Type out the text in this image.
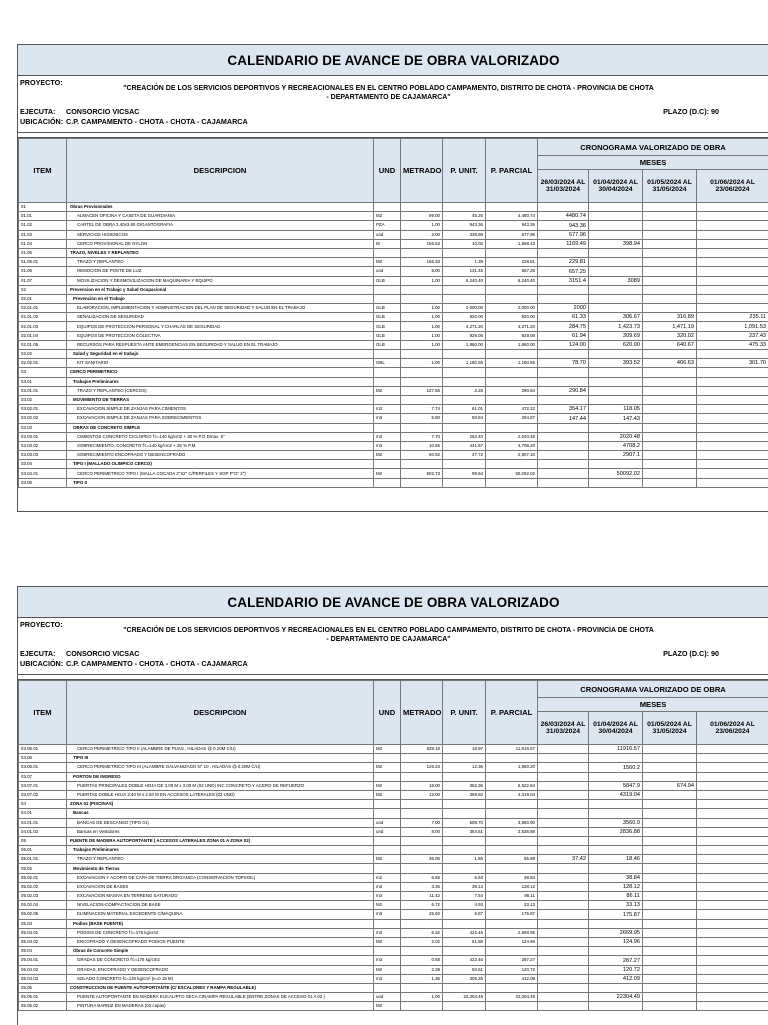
CALENDARIO DE AVANCE DE OBRA VALORIZADO
PROYECTO:
"CREACIÓN DE LOS SERVICIOS DEPORTIVOS Y RECREACIONALES EN EL CENTRO POBLADO CAMPAMENTO, DISTRITO DE CHOTA - PROVINCIA DE CHOTA
- DEPARTAMENTO DE CAJAMARCA"
EJECUTA: CONSORCIO VICSAC	PLAZO (D.C): 90
UBICACIÓN: C.P. CAMPAMENTO - CHOTA - CHOTA - CAJAMARCA
ITEM	DESCRIPCION	UND	METRADO	P. UNIT.	P. PARCIAL	CRONOGRAMA VALORIZADO DE OBRA			
						MESES			
						26/03/2024 AL 31/03/2024	01/04/2024 AL 30/04/2024	01/05/2024 AL 31/05/2024	01/06/2024 AL 23/06/2024
01	Obras Provisionales								
01.01	ALMACEN OFICINA Y CASETA DE GUARDIANIA	M2	99.00	45.26	4,480.74	4480.74			
01.02	CARTEL DE OBRA 2.40x3.60 GIGANTOGRAFIA	PZA	1.00	943.36	943.36	943.36			
01.03	SERVICIOS HIGIENICOS	und	2.00	338.98	677.96	677.96			
01.04	CERCO PROVISIONAL DE NYLON	M	156.53	10.02	1,568.43	1169.49	398.94		
01.05	TRAZO, NIVELES Y REPLANTEO								
01.05.01	TRAZO Y REPLANTEO	M2	165.33	1.39	229.81	229.81			
01.06	REMOCION DE POSTE DE LUZ	und	5.00	131.45	657.25	657.25			
01.07	MOVILIZACION Y DESMOVILIZACION DE MAQUINARIA Y EQUIPO	GLB	1.00	6,240.40	6,240.40	3151.4	3089		
02	Prevencion en el Trabajo y Salud Ocupacional								
02.01	Prevencion en el Trabajo								
02.01.01	ELABORACION, IMPLEMENTACION Y ADMINISTRACION DEL PLAN DE SEGURIDAD Y SALUD EN EL TRABAJO	GLB	1.00	2,000.00	2,000.00	2000			
02.01.02	SEÑALIZACION DE SEGURIDAD	GLB	1.00	920.00	920.00	61.33	306.67	316.89	235.11
02.01.03	EQUIPOS DE PROTECCION PERSONAL Y CHARLAS DE SEGURIDAD	GLB	1.00	4,271.20	4,271.20	284.75	1,423.73	1,471.19	1,091.53
02.01.04	EQUIPOS DE PROTECCION COLECTIVA	GLB	1.00	929.08	929.08	61.94	309.69	320.02	237.43
02.01.05	RECURSOS PARA RESPUESTA ANTE EMERGENCIAS EN SEGURIDAD Y SALUD EN EL TRABAJO	GLB	1.00	1,860.00	1,860.00	124.00	620.00	640.67	475.33
02.02	Salud y Seguridad en el trabajo								
02.02.01	KIT SANITARIO	GBL	1.00	1,180.55	1,180.55	78.70	393.52	406.63	301.70
03	CERCO PERIMETRICO								
03.01	Trabajos Preliminares								
03.01.01	TRAZO Y REPLANTEO (CERCOS)	M2	127.56	2.28	290.84	290.84			
03.02	MOVIMIENTO DE TIERRAS								
03.02.01	EXCAVACION SIMPLE DE ZANJAS PARA CIMIENTOS	m3	7.74	61.01	472.22	354.17	118.05		
03.02.02	EXCAVACION SIMPLE DE ZANJAS PARA SOBRECIMIENTOS	m3	5.80	50.84	294.87	147.44	147.43		
03.03	OBRAS DE CONCRETO SIMPLE								
03.03.01	CIMIENTOS CONCRETO CICLOPEO f'c=140 kg/cm2 + 30 % P.G Dmax. 6"	m3	7.70	262.40	2,020.48		2020.48		
03.03.02	SOBRECIMIENTO, CONCRETO f'c=140 kg/cm2 + 25 % P.M	m3	10.66	441.67	4,708.20		4708.2		
03.03.03	SOBRECIMIENTO ENCOFRADO Y DESENCOFRADO	M2	60.92	47.72	2,907.10		2907.1		
03.04	TIPO I (MALLADO OLIMPICO CERCO)								
03.04.01	CERCO PERIMETRICO TIPO I (MALLA COCADA 2"X2" C/PERFILES Y SOP P"G" 2")	M2	502.73	99.64	50,092.02		50092.02		
03.05	TIPO II								
CALENDARIO DE AVANCE DE OBRA VALORIZADO
PROYECTO:
"CREACIÓN DE LOS SERVICIOS DEPORTIVOS Y RECREACIONALES EN EL CENTRO POBLADO CAMPAMENTO, DISTRITO DE CHOTA - PROVINCIA DE CHOTA
- DEPARTAMENTO DE CAJAMARCA"
EJECUTA: CONSORCIO VICSAC	PLAZO (D.C): 90
UBICACIÓN: C.P. CAMPAMENTO - CHOTA - CHOTA - CAJAMARCA
ITEM	DESCRIPCION	UND	METRADO	P. UNIT.	P. PARCIAL	CRONOGRAMA VALORIZADO DE OBRA			
						MESES			
						26/03/2024 AL 31/03/2024	01/04/2024 AL 30/04/2024	01/05/2024 AL 31/05/2024	01/06/2024 AL 23/06/2024
03.05.01	CERCO PERIMETRICO TIPO II (ALAMBRE DE PUAS , HILADAS @ 0.20M C/U)	M2	628.18	18.97	11,916.57		11916.57		
03.06	TIPO III								
03.06.01	CERCO PERIMETRICO TIPO III (ALAMBRE GALVANIZADO N° 10 , HILADAS @ 0.20M C/U)	M2	126.23	12.36	1,560.20		1560.2		
03.07	PORTON DE INGRESO								
03.07.01	PUERTAS PRINCIPALES DOBLE HOJA DE 3.00 M x 3.00 M (02 UND) INC CONCRETO Y ACERO DE REFUERZO	M2	18.00	362.36	6,522.84		5847.9	674.94	
03.07.02	PUERTAS DOBLE HOJA 2.40 M x 2.50 M EN ACCESOS LATERALES (02 UND)	M2	12.00	359.92	4,319.04		4319.04		
04	ZONA 01 (PISCINAS)								
04.01	Bancas								
04.01.01	BANCAS DE DESCANSO (TIPO 01)	und	7.00	508.70	3,560.90		3560.9		
04.01.02	Bancas en Vestidores	und	8.00	354.61	2,836.88		2836.88		
05	PUENTE DE MADERA AUTOPORTANTE ( ACCESOS LATERALES ZONA 01 A ZONA 02)								
05.01	Trabajos Preliminares								
05.01.01	TRAZO Y REPLANTEO	M2	36.05	1.55	55.88	37.42	18.46		
05.02	Movimiento de Tierras								
05.02.01	EXCAVACION Y ACOPIO DE CAPA DE TIERRA ORGANICA (CONSERVACION TOPSOIL)	m2	6.55	5.93	38.84		38.84		
05.02.02	EXCAVACION DE BASES	m3	3.36	38.13	128.12		128.12		
05.02.03	EXCAVACION MASIVA EN TERRENO SATURADO	m3	11.42	7.54	86.11		86.11		
05.02.04	NIVELACION-COMPACTACION DE BASE	M2	6.72	4.93	33.13		33.13		
05.02.05	ELIMINACION MATERIAL EXCEDENTE C/MAQUINA	m3	25.60	6.87	175.87		175.87		
05.03	Podios (BASE PUENTE)								
05.03.01	PODIOS DE CONCRETO f'c=175 kg/cm2	m3	6.32	422.46	2,669.95		2669.95		
05.03.02	ENCOFRADO Y DESENCOFRADO PODIOS PUENTE	M2	2.02	61.88	124.96		124.96		
05.04	Obras de Concreto Simple								
05.04.01	GRADAS DE CONCRETO f'c=175 kg/cm2	m3	0.68	422.46	287.27		287.27		
05.04.02	GRADAS, ENCOFRADO Y DESENCOFRADO	M2	2.39	50.51	120.72		120.72		
05.04.03	SOLADO CONCRETO fc=140 kg/cm² (e=0.15 M)	m3	1.35	305.25	412.09		412.09		
05.05	CONSTRUCCION DE PUENTE AUTOPORTANTE (C/ ESCALONES Y RAMPA REGULABLE)								
05.05.01	PUENTE AUTOPORTANTE EN MADERA EUCALIPTO SECA CIRAMPA REGULABLE (ENTRE ZONAS DE ACCESO 01 A 02 )	und	1.00	22,304.49	22,304.49		22304.49		
05.05.02	PINTURA BARNIZ EN MADERAS (02 capas)	M2							
